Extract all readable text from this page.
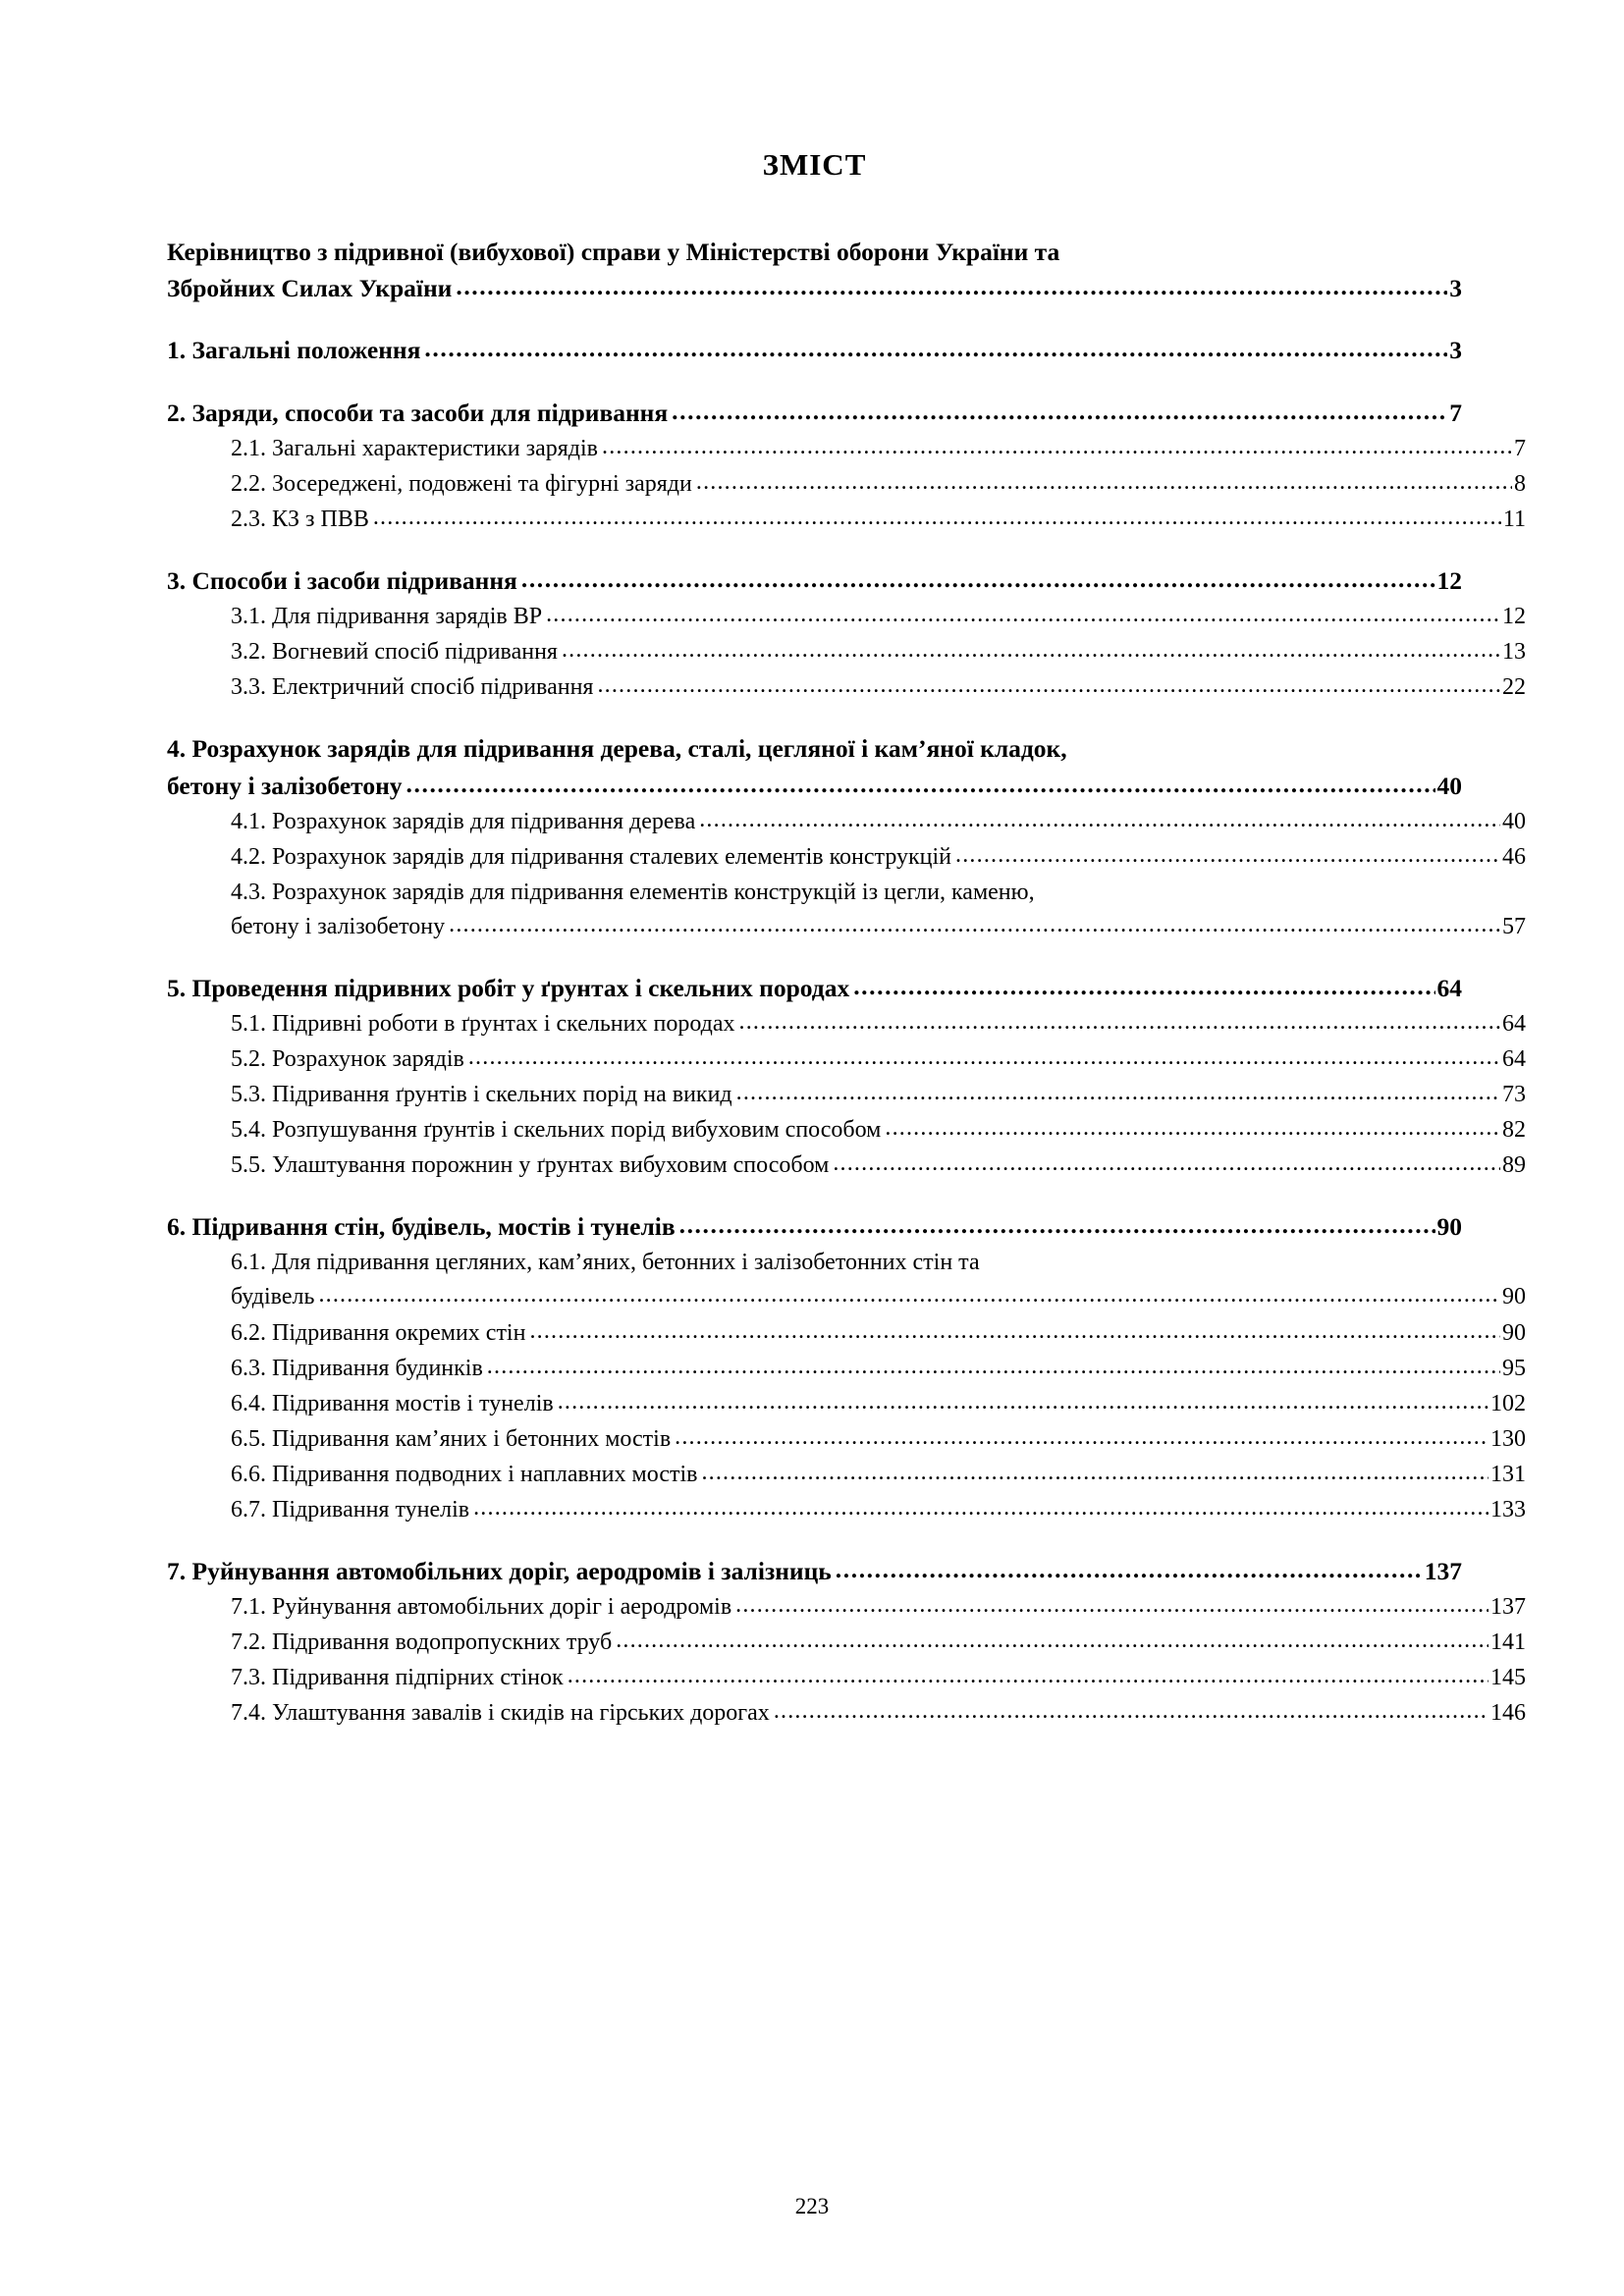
ЗМІСТ
Керівництво з підривної (вибухової) справи у Міністерстві оборони України та
Збройних Силах України .....	3
1. Загальні положення .....	3
2. Заряди, способи та засоби для підривання .....	7
2.1. Загальні характеристики зарядів .....	7
2.2. Зосереджені, подовжені та фігурні заряди .....	8
2.3. КЗ з ПВВ .....	11
3. Способи і засоби підривання .....	12
3.1. Для підривання зарядів ВР .....	12
3.2. Вогневий спосіб підривання .....	13
3.3. Електричний спосіб підривання .....	22
4. Розрахунок зарядів для підривання дерева, сталі, цегляної і кам’яної кладок,
бетону і залізобетону .....	40
4.1. Розрахунок зарядів для підривання дерева .....	40
4.2. Розрахунок зарядів для підривання сталевих елементів конструкцій .....	46
4.3. Розрахунок зарядів для підривання елементів конструкцій із цегли, каменю,
бетону і залізобетону .....	57
5. Проведення підривних робіт у ґрунтах і скельних породах .....	64
5.1. Підривні роботи в ґрунтах і скельних породах .....	64
5.2. Розрахунок зарядів .....	64
5.3. Підривання ґрунтів і скельних порід на викид .....	73
5.4. Розпушування ґрунтів і скельних порід вибуховим способом .....	82
5.5. Улаштування порожнин у ґрунтах вибуховим способом .....	89
6. Підривання стін, будівель, мостів і тунелів .....	90
6.1. Для підривання цегляних, кам’яних, бетонних і залізобетонних стін та
будівель .....	90
6.2. Підривання окремих стін .....	90
6.3. Підривання будинків .....	95
6.4. Підривання мостів і тунелів .....	102
6.5. Підривання кам’яних і бетонних мостів .....	130
6.6. Підривання подводних і наплавних мостів .....	131
6.7. Підривання тунелів .....	133
7. Руйнування автомобільних доріг, аеродромів і залізниць .....	137
7.1. Руйнування автомобільних доріг і аеродромів .....	137
7.2. Підривання водопропускних труб .....	141
7.3. Підривання підпірних стінок .....	145
7.4. Улаштування завалів і скидів на гірських дорогах .....	146
223
